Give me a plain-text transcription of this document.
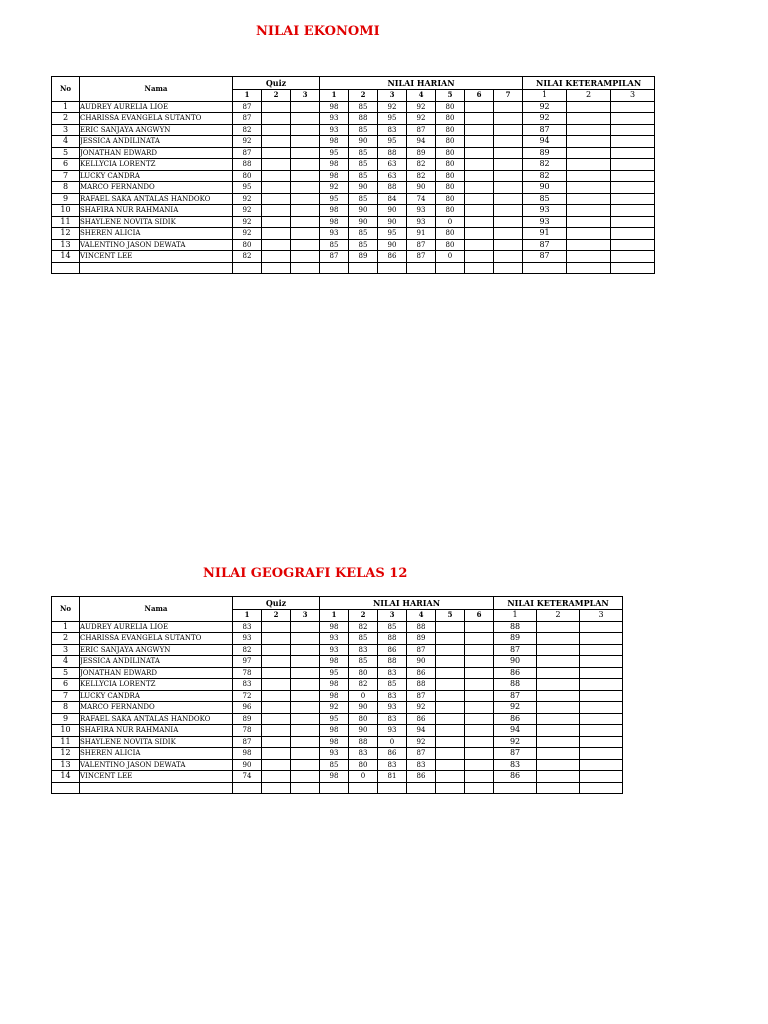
NILAI EKONOMI
No	Nama	Quiz			NILAI HARIAN							NILAI KETERAMPILAN		
		1	2	3	1	2	3	4	5	6	7	1	2	3
1	AUDREY AURELIA LIOE	87			98	85	92	92	80			92		
2	CHARISSA EVANGELA SUTANTO	87			93	88	95	92	80			92		
3	ERIC SANJAYA ANGWYN	82			93	85	83	87	80			87		
4	JESSICA ANDILINATA	92			98	90	95	94	80			94		
5	JONATHAN EDWARD	87			95	85	88	89	80			89		
6	KELLYCIA LORENTZ	88			98	85	63	82	80			82		
7	LUCKY CANDRA	80			98	85	63	82	80			82		
8	MARCO FERNANDO	95			92	90	88	90	80			90		
9	RAFAEL SAKA ANTALAS HANDOKO	92			95	85	84	74	80			85		
10	SHAFIRA NUR RAHMANIA	92			98	90	90	93	80			93		
11	SHAYLENE NOVITA SIDIK	92			98	90	90	93	0			93		
12	SHEREN ALICIA	92			93	85	95	91	80			91		
13	VALENTINO JASON DEWATA	80			85	85	90	87	80			87		
14	VINCENT LEE	82			87	89	86	87	0			87		

NILAI GEOGRAFI KELAS 12
No	Nama	Quiz			NILAI HARIAN						NILAI KETERAMPLAN		
		1	2	3	1	2	3	4	5	6	1	2	3
1	AUDREY AURELIA LIOE	83			98	82	85	88			88		
2	CHARISSA EVANGELA SUTANTO	93			93	85	88	89			89		
3	ERIC SANJAYA ANGWYN	82			93	83	86	87			87		
4	JESSICA ANDILINATA	97			98	85	88	90			90		
5	JONATHAN EDWARD	78			95	80	83	86			86		
6	KELLYCIA LORENTZ	83			98	82	85	88			88		
7	LUCKY CANDRA	72			98	0	83	87			87		
8	MARCO FERNANDO	96			92	90	93	92			92		
9	RAFAEL SAKA ANTALAS HANDOKO	89			95	80	83	86			86		
10	SHAFIRA NUR RAHMANIA	78			98	90	93	94			94		
11	SHAYLENE NOVITA SIDIK	87			98	88	0	92			92		
12	SHEREN ALICIA	98			93	83	86	87			87		
13	VALENTINO JASON DEWATA	90			85	80	83	83			83		
14	VINCENT LEE	74			98	0	81	86			86		
